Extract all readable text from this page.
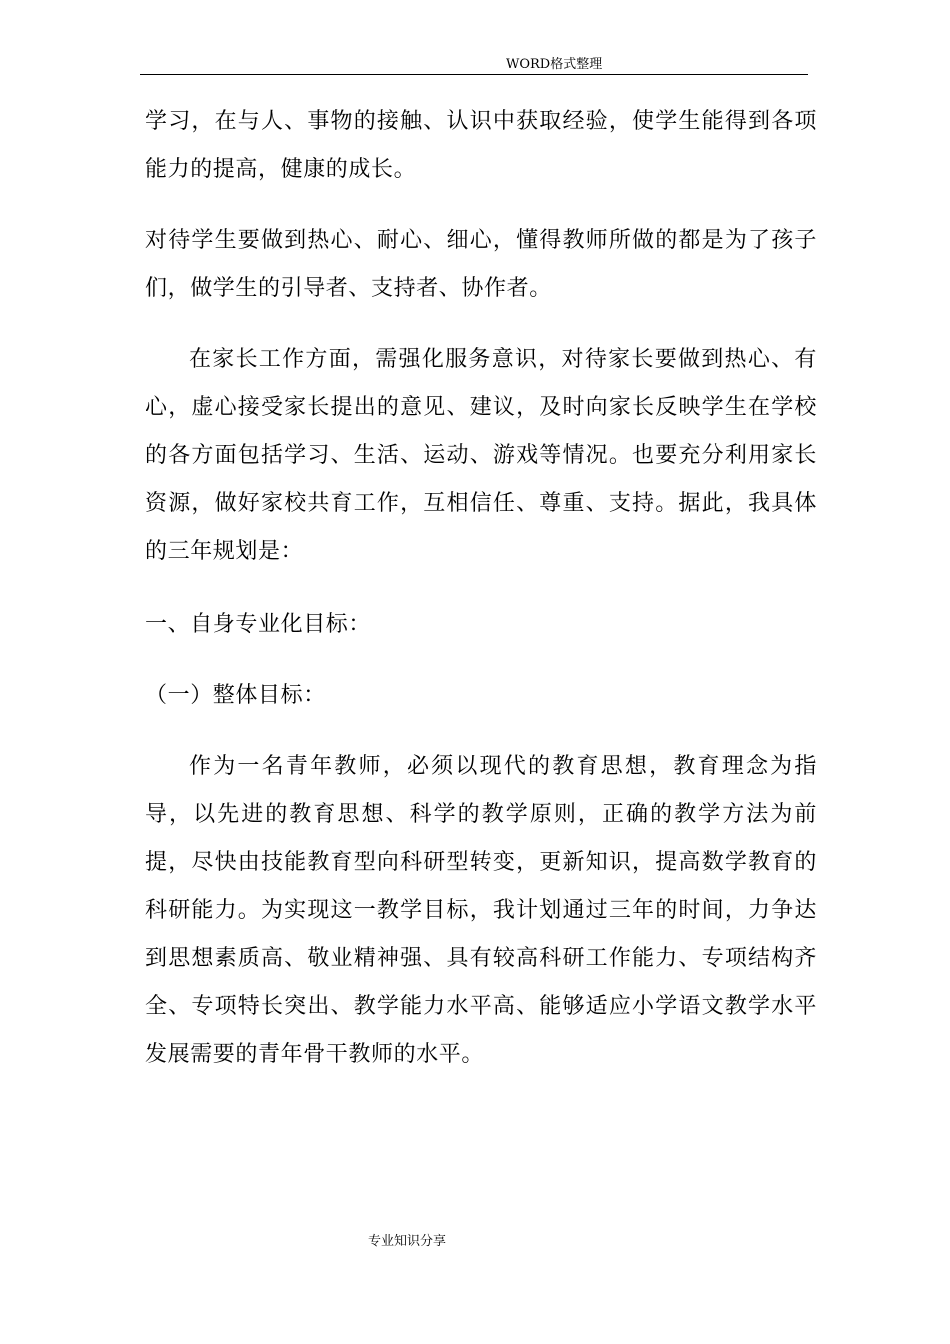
WORD格式整理

学习，在与人、事物的接触、认识中获取经验，使学生能得到各项能力的提高，健康的成长。

对待学生要做到热心、耐心、细心，懂得教师所做的都是为了孩子们，做学生的引导者、支持者、协作者。

在家长工作方面，需强化服务意识，对待家长要做到热心、有心，虚心接受家长提出的意见、建议，及时向家长反映学生在学校的各方面包括学习、生活、运动、游戏等情况。也要充分利用家长资源，做好家校共育工作，互相信任、尊重、支持。据此，我具体的三年规划是：

一、自身专业化目标：

（一）整体目标：

作为一名青年教师，必须以现代的教育思想，教育理念为指导，以先进的教育思想、科学的教学原则，正确的教学方法为前提，尽快由技能教育型向科研型转变，更新知识，提高数学教育的科研能力。为实现这一教学目标，我计划通过三年的时间，力争达到思想素质高、敬业精神强、具有较高科研工作能力、专项结构齐全、专项特长突出、教学能力水平高、能够适应小学语文教学水平发展需要的青年骨干教师的水平。

专业知识分享
